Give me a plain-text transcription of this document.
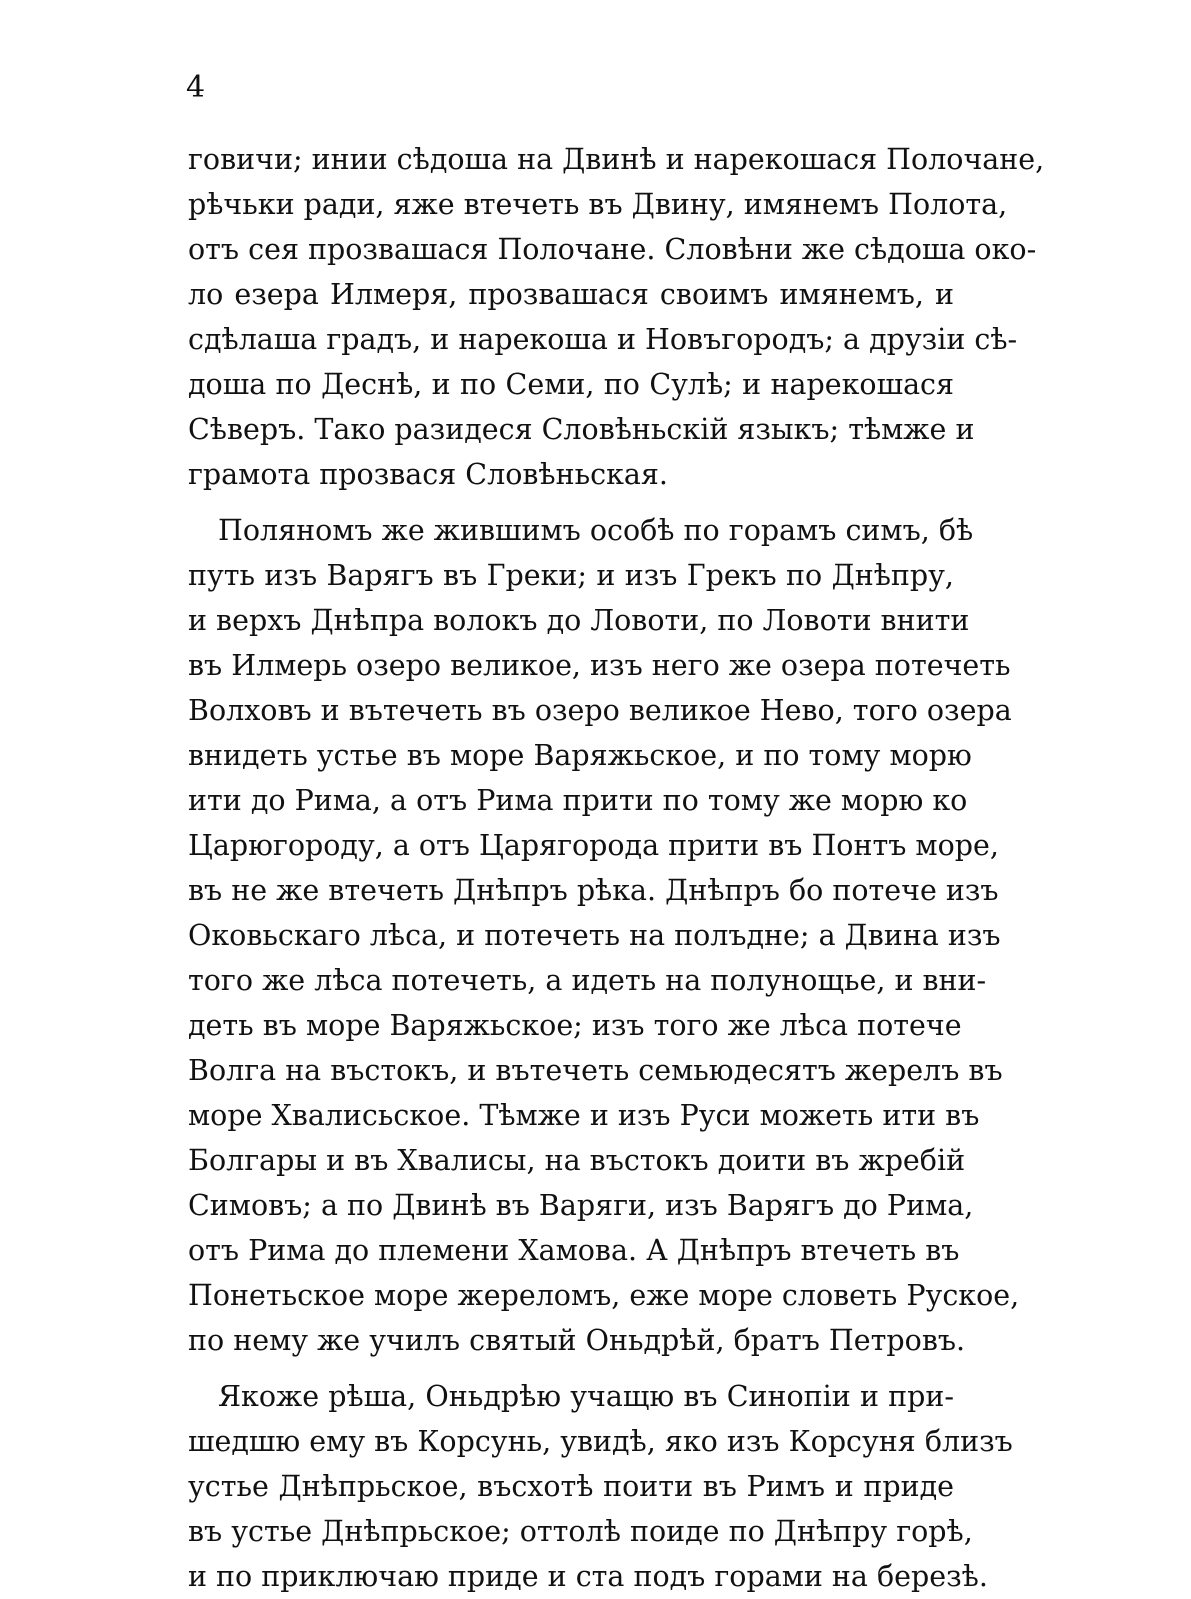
4
говичи; инии сѣдоша на Двинѣ и нарекошася Полочане,
рѣчьки ради, яже втечеть въ Двину, имянемъ Полота,
отъ сея прозвашася Полочане. Словѣни же сѣдоша око-
ло езера Илмеря, прозвашася своимъ имянемъ, и
сдѣлаша градъ, и нарекоша и Новъгородъ; а друзіи сѣ-
доша по Деснѣ, и по Семи, по Сулѣ; и нарекошася
Сѣверъ. Тако разидеся Словѣньскій языкъ; тѣмже и
грамота прозвася Словѣньская.
Поляномъ же жившимъ особѣ по горамъ симъ, бѣ
путь изъ Варягъ въ Греки; и изъ Грекъ по Днѣпру,
и верхъ Днѣпра волокъ до Ловоти, по Ловоти внити
въ Илмерь озеро великое, изъ него же озера потечеть
Волховъ и вътечеть въ озеро великое Нево, того озера
внидеть устье въ море Варяжьское, и по тому морю
ити до Рима, а отъ Рима прити по тому же морю ко
Царюгороду, а отъ Царягорода прити въ Понтъ море,
въ не же втечеть Днѣпръ рѣка. Днѣпръ бо потече изъ
Оковьскаго лѣса, и потечеть на полъдне; а Двина изъ
того же лѣса потечеть, а идеть на полунощье, и вни-
деть въ море Варяжьское; изъ того же лѣса потече
Волга на въстокъ, и вътечеть семьюдесятъ жерелъ въ
море Хвалисьское. Тѣмже и изъ Руси можеть ити въ
Болгары и въ Хвалисы, на въстокъ доити въ жребій
Симовъ; а по Двинѣ въ Варяги, изъ Варягъ до Рима,
отъ Рима до племени Хамова. А Днѣпръ втечеть въ
Понетьское море жереломъ, еже море словеть Руское,
по нему же училъ святый Оньдрѣй, братъ Петровъ.
Якоже рѣша, Оньдрѣю учащю въ Синопіи и при-
шедшю ему въ Корсунь, увидѣ, яко изъ Корсуня близъ
устье Днѣпрьское, въсхотѣ поити въ Римъ и приде
въ устье Днѣпрьское; оттолѣ поиде по Днѣпру горѣ,
и по приключаю приде и ста подъ горами на березѣ.
